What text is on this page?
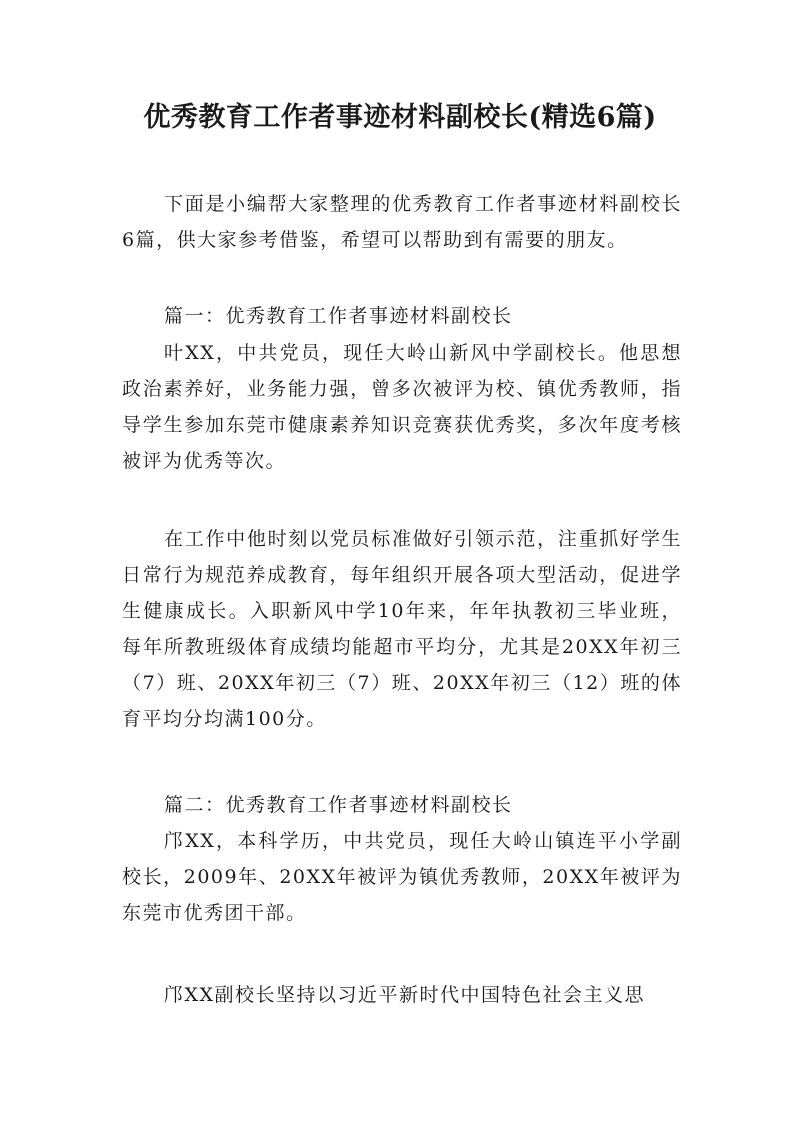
优秀教育工作者事迹材料副校长(精选6篇)

下面是小编帮大家整理的优秀教育工作者事迹材料副校长6篇，供大家参考借鉴，希望可以帮助到有需要的朋友。

篇一：优秀教育工作者事迹材料副校长

叶XX，中共党员，现任大岭山新风中学副校长。他思想政治素养好，业务能力强，曾多次被评为校、镇优秀教师，指导学生参加东莞市健康素养知识竞赛获优秀奖，多次年度考核被评为优秀等次。

在工作中他时刻以党员标准做好引领示范，注重抓好学生日常行为规范养成教育，每年组织开展各项大型活动，促进学生健康成长。入职新风中学10年来，年年执教初三毕业班，每年所教班级体育成绩均能超市平均分，尤其是20XX年初三（7）班、20XX年初三（7）班、20XX年初三（12）班的体育平均分均满100分。

篇二：优秀教育工作者事迹材料副校长

邝XX，本科学历，中共党员，现任大岭山镇连平小学副校长，2009年、20XX年被评为镇优秀教师，20XX年被评为东莞市优秀团干部。

邝XX副校长坚持以习近平新时代中国特色社会主义思
